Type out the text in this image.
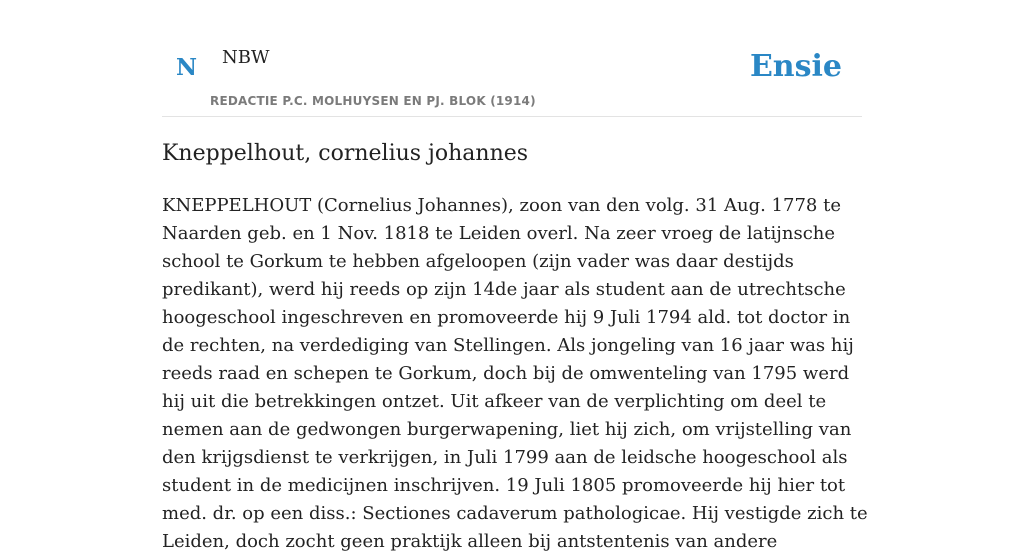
N NBW
REDACTIE P.C. MOLHUYSEN EN PJ. BLOK (1914)
Ensie
Kneppelhout, cornelius johannes

KNEPPELHOUT (Cornelius Johannes), zoon van den volg. 31 Aug. 1778 te Naarden geb. en 1 Nov. 1818 te Leiden overl. Na zeer vroeg de latijnsche school te Gorkum te hebben afgeloopen (zijn vader was daar destijds predikant), werd hij reeds op zijn 14de jaar als student aan de utrechtsche hoogeschool ingeschreven en promoveerde hij 9 Juli 1794 ald. tot doctor in de rechten, na verdediging van Stellingen. Als jongeling van 16 jaar was hij reeds raad en schepen te Gorkum, doch bij de omwenteling van 1795 werd hij uit die betrekkingen ontzet. Uit afkeer van de verplichting om deel te nemen aan de gedwongen burgerwapening, liet hij zich, om vrijstelling van den krijgsdienst te verkrijgen, in Juli 1799 aan de leidsche hoogeschool als student in de medicijnen inschrijven. 19 Juli 1805 promoveerde hij hier tot med. dr. op een diss.: Sectiones cadaverum pathologicae. Hij vestigde zich te Leiden, doch zocht geen praktijk alleen bij antstentenis van andere
